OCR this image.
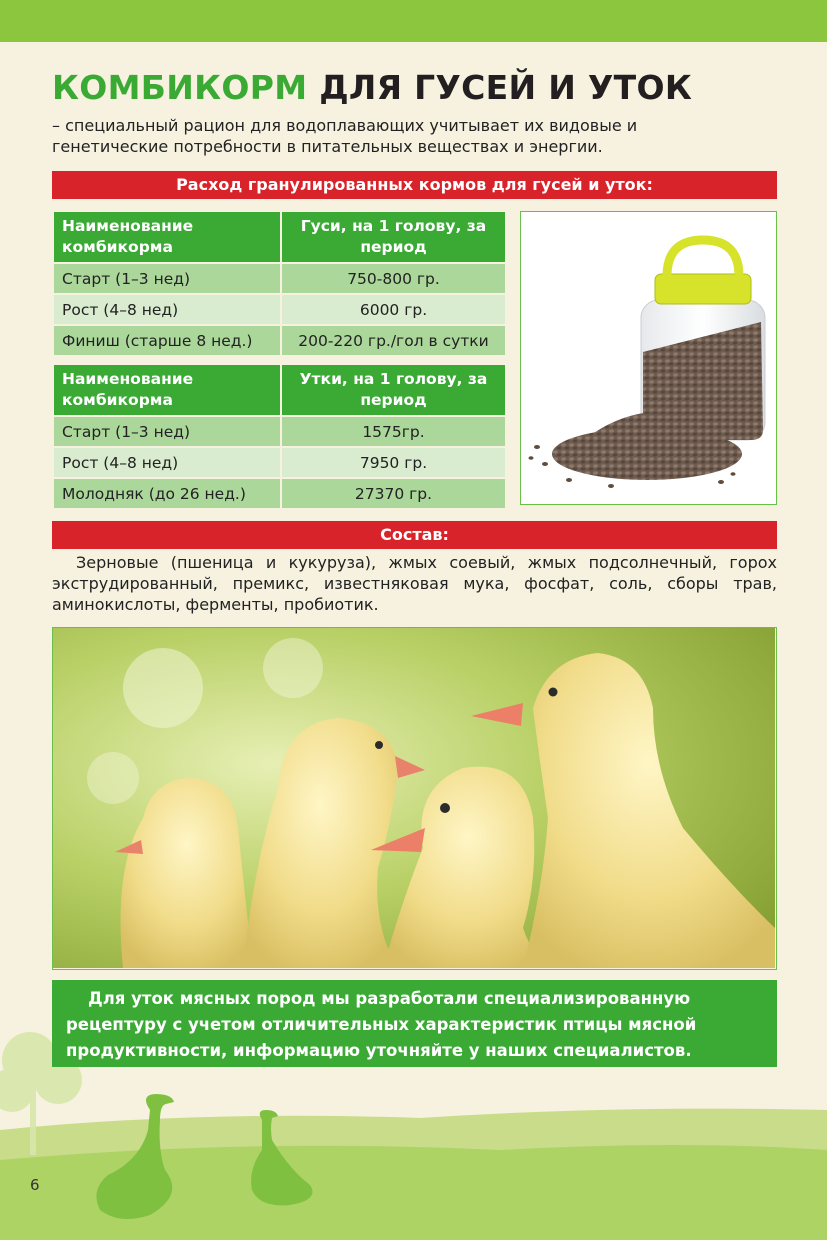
КОМБИКОРМ ДЛЯ ГУСЕЙ И УТОК

– специальный рацион для водоплавающих учитывает их видовые и генетические потребности в питательных веществах и энергии.

Расход гранулированных кормов для гусей и уток:
Наименование комбикорма	Гуси, на 1 голову, за период
Старт (1–3 нед)	750-800 гр.
Рост (4–8 нед)	6000 гр.
Финиш (старше 8 нед.)	200-220 гр./гол в сутки
Наименование комбикорма	Утки, на 1 голову, за период
Старт (1–3 нед)	1575гр.
Рост (4–8 нед)	7950 гр.
Молодняк (до 26 нед.)	27370 гр.
Состав:

Зерновые (пшеница и кукуруза), жмых соевый, жмых подсолнечный, горох экструдированный, премикс, известняковая мука, фосфат, соль, сборы трав, аминокислоты, ферменты, пробиотик.

Для уток мясных пород мы разработали специализированную рецептуру с учетом отличительных характеристик птицы мясной продуктивности, информацию уточняйте у наших специалистов.
6
